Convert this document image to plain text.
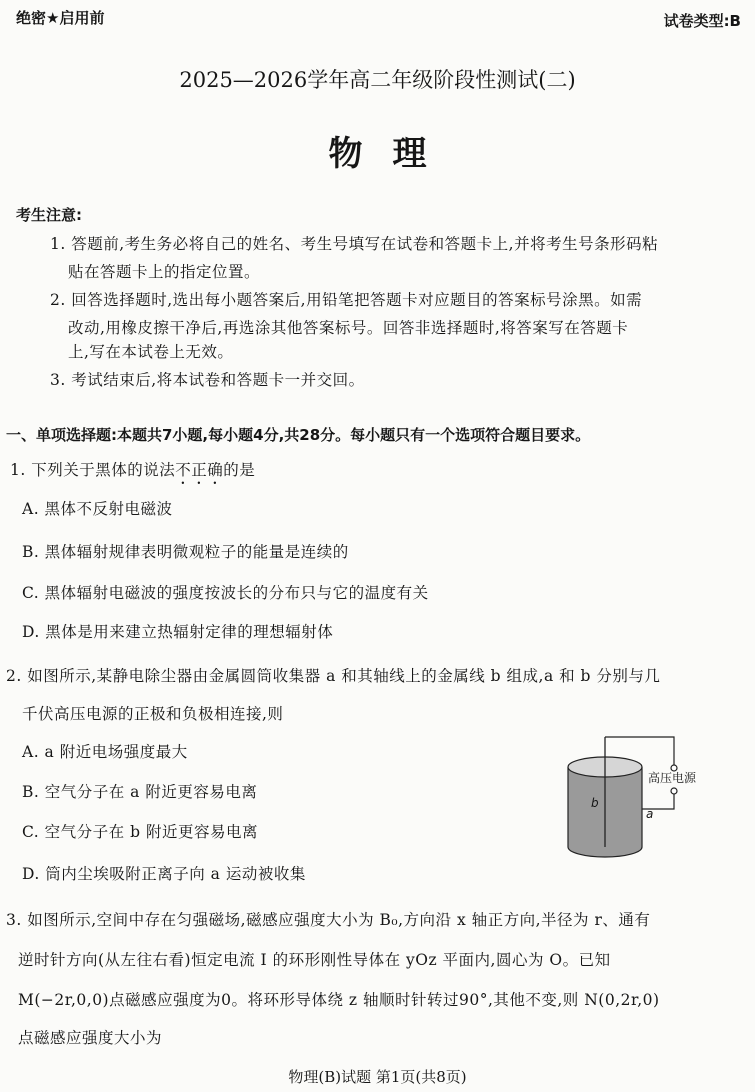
绝密★启用前	试卷类型:B
2025—2026学年高二年级阶段性测试(二)
物理
考生注意:
1. 答题前,考生务必将自己的姓名、考生号填写在试卷和答题卡上,并将考生号条形码粘
贴在答题卡上的指定位置。
2. 回答选择题时,选出每小题答案后,用铅笔把答题卡对应题目的答案标号涂黑。如需
改动,用橡皮擦干净后,再选涂其他答案标号。回答非选择题时,将答案写在答题卡
上,写在本试卷上无效。
3. 考试结束后,将本试卷和答题卡一并交回。
一、单项选择题:本题共7小题,每小题4分,共28分。每小题只有一个选项符合题目要求。
1. 下列关于黑体的说法不正确的是
A. 黑体不反射电磁波
B. 黑体辐射规律表明微观粒子的能量是连续的
C. 黑体辐射电磁波的强度按波长的分布只与它的温度有关
D. 黑体是用来建立热辐射定律的理想辐射体
2. 如图所示,某静电除尘器由金属圆筒收集器 a 和其轴线上的金属线 b 组成,a 和 b 分别与几
千伏高压电源的正极和负极相连接,则
A. a 附近电场强度最大
B. 空气分子在 a 附近更容易电离
C. 空气分子在 b 附近更容易电离
D. 筒内尘埃吸附正离子向 a 运动被收集
高压电源
b
a
3. 如图所示,空间中存在匀强磁场,磁感应强度大小为 B₀,方向沿 x 轴正方向,半径为 r、通有
逆时针方向(从左往右看)恒定电流 I 的环形刚性导体在 yOz 平面内,圆心为 O。已知
M(−2r,0,0)点磁感应强度为0。将环形导体绕 z 轴顺时针转过90°,其他不变,则 N(0,2r,0)
点磁感应强度大小为
物理(B)试题 第1页(共8页)
